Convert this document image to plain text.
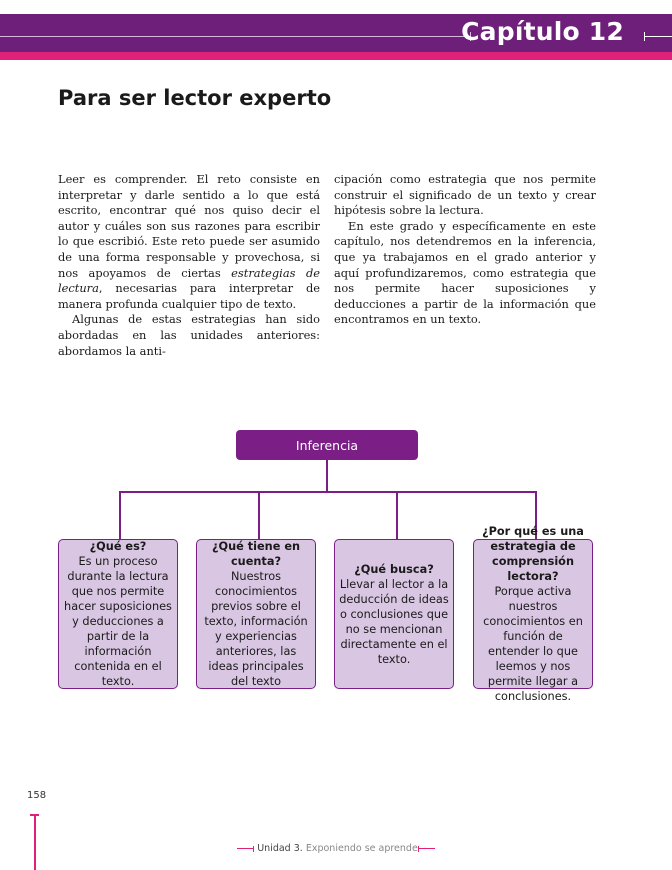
Capítulo 12
Para ser lector experto

Leer es comprender. El reto consiste en interpretar y darle sentido a lo que está escrito, encontrar qué nos quiso decir el autor y cuáles son sus razones para escribir lo que escribió. Este reto puede ser asumido de una forma responsable y provechosa, si nos apoyamos de ciertas estrategias de lectura, necesarias para interpretar de manera profunda cualquier tipo de texto.

Algunas de estas estrategias han sido abordadas en las unidades anteriores: abordamos la anti-

cipación como estrategia que nos permite construir el significado de un texto y crear hipótesis sobre la lectura.

En este grado y específicamente en este capítulo, nos detendremos en la inferencia, que ya trabajamos en el grado anterior y aquí profundizaremos, como estrategia que nos permite hacer suposiciones y deducciones a partir de la información que encontramos en un texto.

Inferencia
¿Qué es?
Es un proceso durante la lectura que nos permite hacer suposiciones y deducciones a partir de la información contenida en el texto.
¿Qué tiene en cuenta?
Nuestros conocimientos previos sobre el texto, información y experiencias anteriores, las ideas principales del texto
¿Qué busca?
Llevar al lector a la deducción de ideas o conclusiones que no se mencionan directamente en el texto.
¿Por qué es una estrategia de comprensión lectora?
Porque activa nuestros conocimientos en función de entender lo que leemos y nos permite llegar a conclusiones.
158
Unidad 3. Exponiendo se aprende
